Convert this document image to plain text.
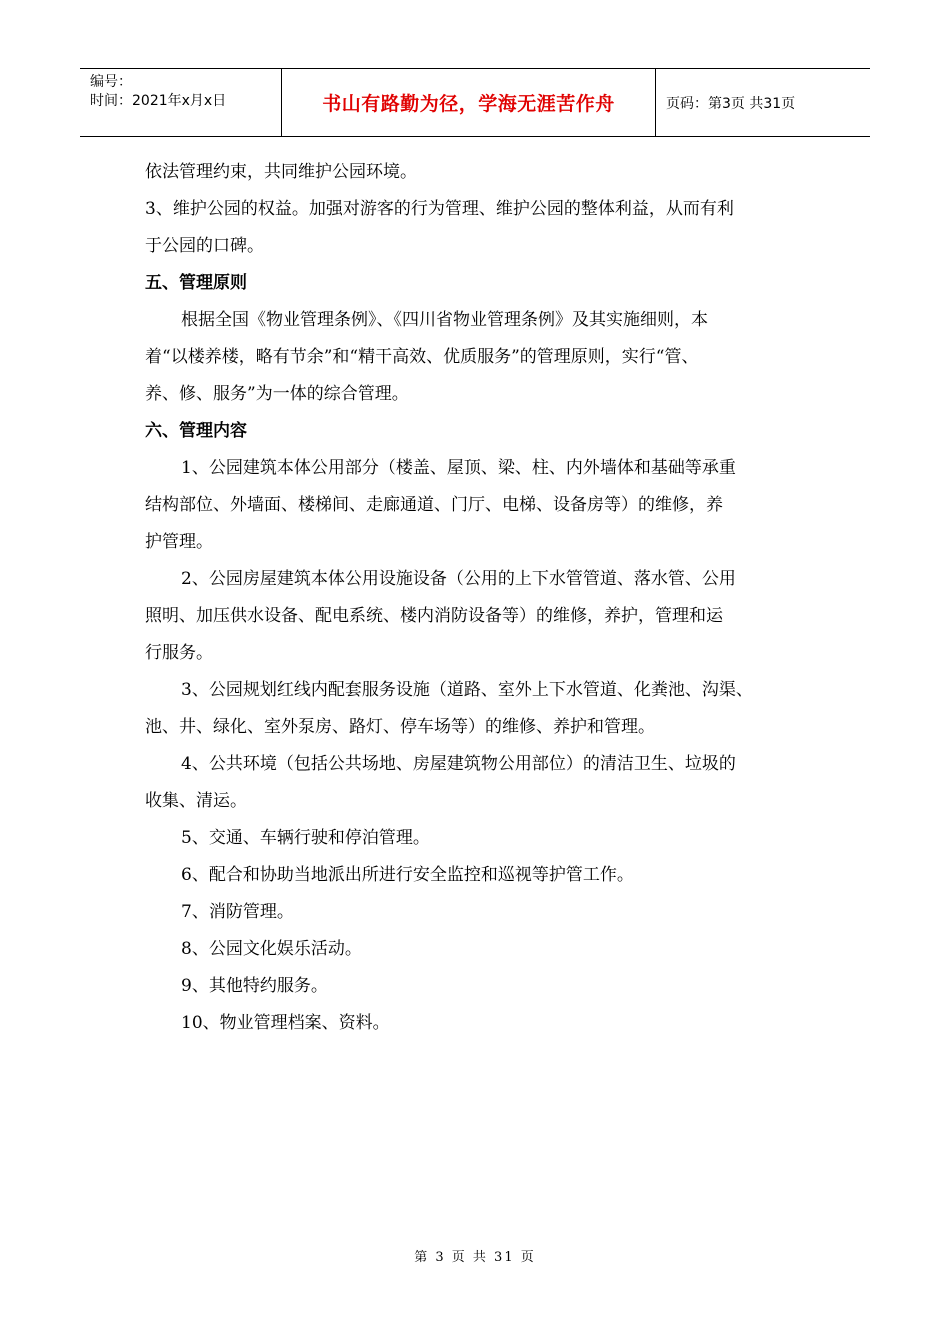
编号：
时间：2021年x月x日	书山有路勤为径，学海无涯苦作舟	页码：第3页 共31页
依法管理约束，共同维护公园环境。
3、维护公园的权益。加强对游客的行为管理、维护公园的整体利益，从而有利
于公园的口碑。
五、管理原则
根据全国《物业管理条例》、《四川省物业管理条例》及其实施细则，本
着“以楼养楼，略有节余”和“精干高效、优质服务”的管理原则，实行“管、
养、修、服务”为一体的综合管理。
六、管理内容
1、公园建筑本体公用部分（楼盖、屋顶、梁、柱、内外墙体和基础等承重
结构部位、外墙面、楼梯间、走廊通道、门厅、电梯、设备房等）的维修，养
护管理。
2、公园房屋建筑本体公用设施设备（公用的上下水管管道、落水管、公用
照明、加压供水设备、配电系统、楼内消防设备等）的维修，养护，管理和运
行服务。
3、公园规划红线内配套服务设施（道路、室外上下水管道、化粪池、沟渠、
池、井、绿化、室外泵房、路灯、停车场等）的维修、养护和管理。
4、公共环境（包括公共场地、房屋建筑物公用部位）的清洁卫生、垃圾的
收集、清运。
5、交通、车辆行驶和停泊管理。
6、配合和协助当地派出所进行安全监控和巡视等护管工作。
7、消防管理。
8、公园文化娱乐活动。
9、其他特约服务。
10、物业管理档案、资料。
第 3 页 共 31 页
